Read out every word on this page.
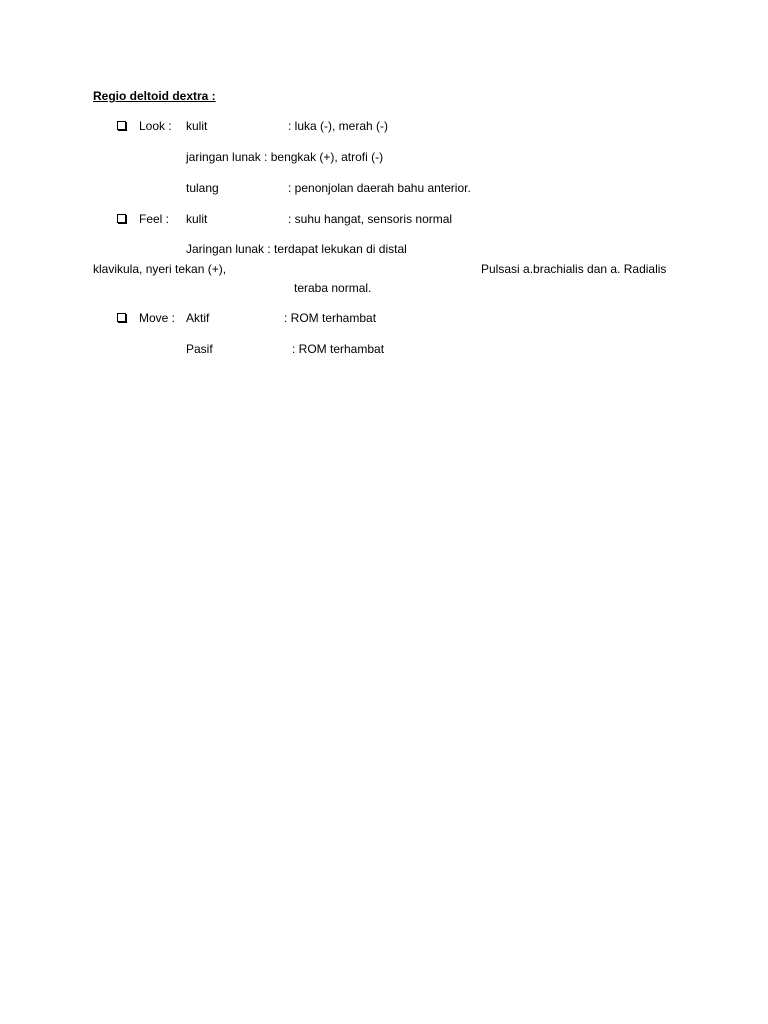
Regio deltoid dextra :
Look : kulit	: luka (-), merah (-)
jaringan lunak : bengkak (+), atrofi (-)
tulang	: penonjolan daerah bahu anterior.
Feel : kulit	: suhu hangat, sensoris normal
Jaringan lunak : terdapat lekukan di distal
klavikula, nyeri tekan (+),	Pulsasi a.brachialis dan a. Radialis
teraba normal.
Move : Aktif	: ROM terhambat
Pasif	: ROM terhambat
